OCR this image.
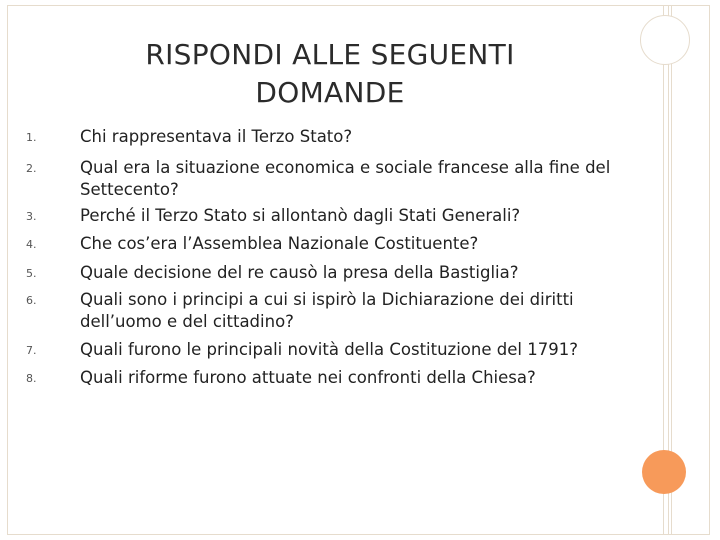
RISPONDI ALLE SEGUENTI
DOMANDE
1.	Chi rappresentava il Terzo Stato?
2.	Qual era la situazione economica e sociale francese alla fine del Settecento?
3.	Perché il Terzo Stato si allontanò dagli Stati Generali?
4.	Che cos’era l’Assemblea Nazionale Costituente?
5.	Quale decisione del re causò la presa della Bastiglia?
6.	Quali sono i principi a cui si ispirò la Dichiarazione dei diritti dell’uomo e del cittadino?
7.	Quali furono le principali novità della Costituzione del 1791?
8.	Quali riforme furono attuate nei confronti della Chiesa?
